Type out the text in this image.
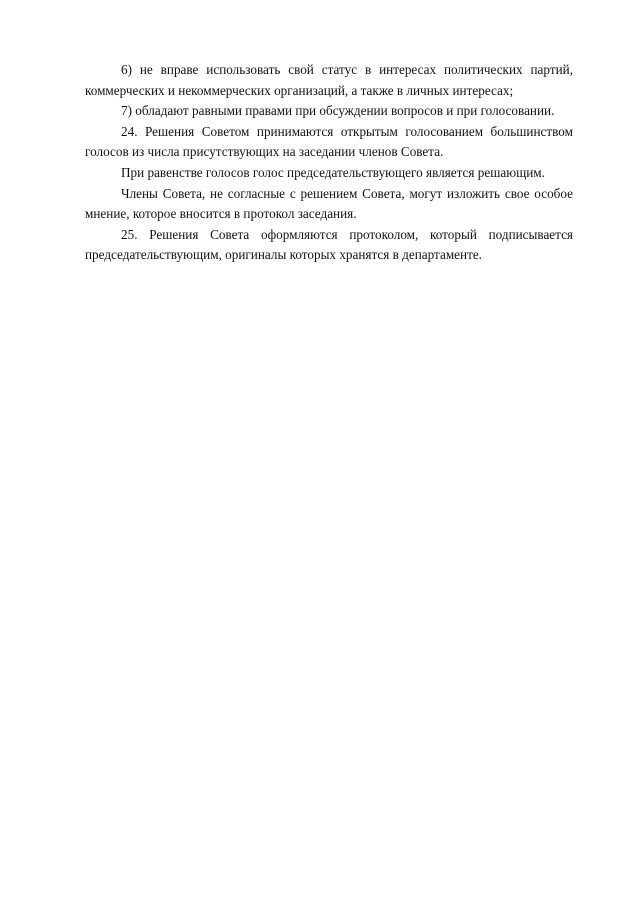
6) не вправе использовать свой статус в интересах политических партий, коммерческих и некоммерческих организаций, а также в личных интересах;

7) обладают равными правами при обсуждении вопросов и при голосовании.

24. Решения Советом принимаются открытым голосованием большинством голосов из числа присутствующих на заседании членов Совета.

При равенстве голосов голос председательствующего является решающим.

Члены Совета, не согласные с решением Совета, могут изложить свое особое мнение, которое вносится в протокол заседания.

25. Решения Совета оформляются протоколом, который подписывается председательствующим, оригиналы которых хранятся в департаменте.
